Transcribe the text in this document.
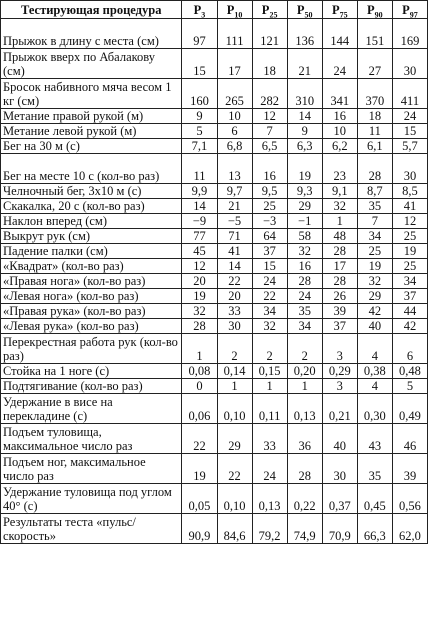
Тестирующая процедура	$P_3$	$P_{10}$	$P_{25}$	$P_{50}$	$P_{75}$	$P_{90}$	$P_{97}$
Прыжок в длину с места (см)	97	111	121	136	144	151	169
Прыжок вверх по Абалакову (см)	15	17	18	21	24	27	30
Бросок набивного мяча весом 1 кг (см)	160	265	282	310	341	370	411
Метание правой рукой (м)	9	10	12	14	16	18	24
Метание левой рукой (м)	5	6	7	9	10	11	15
Бег на 30 м (с)	7,1	6,8	6,5	6,3	6,2	6,1	5,7
Бег на месте 10 с (кол-во раз)	11	13	16	19	23	28	30
Челночный бег, 3х10 м (с)	9,9	9,7	9,5	9,3	9,1	8,7	8,5
Скакалка, 20 с (кол-во раз)	14	21	25	29	32	35	41
Наклон вперед (см)	−9	−5	−3	−1	1	7	12
Выкрут рук (см)	77	71	64	58	48	34	25
Падение палки (см)	45	41	37	32	28	25	19
«Квадрат» (кол-во раз)	12	14	15	16	17	19	25
«Правая нога» (кол-во раз)	20	22	24	28	28	32	34
«Левая нога» (кол-во раз)	19	20	22	24	26	29	37
«Правая рука» (кол-во раз)	32	33	34	35	39	42	44
«Левая рука» (кол-во раз)	28	30	32	34	37	40	42
Перекрестная работа рук (кол-во раз)	1	2	2	2	3	4	6
Стойка на 1 ноге (с)	0,08	0,14	0,15	0,20	0,29	0,38	0,48
Подтягивание (кол-во раз)	0	1	1	1	3	4	5
Удержание в висе на перекладине (с)	0,06	0,10	0,11	0,13	0,21	0,30	0,49
Подъем туловища, максимальное число раз	22	29	33	36	40	43	46
Подъем ног, максимальное число раз	19	22	24	28	30	35	39
Удержание туловища под углом 40° (с)	0,05	0,10	0,13	0,22	0,37	0,45	0,56
Результаты теста «пульс/скорость»	90,9	84,6	79,2	74,9	70,9	66,3	62,0
